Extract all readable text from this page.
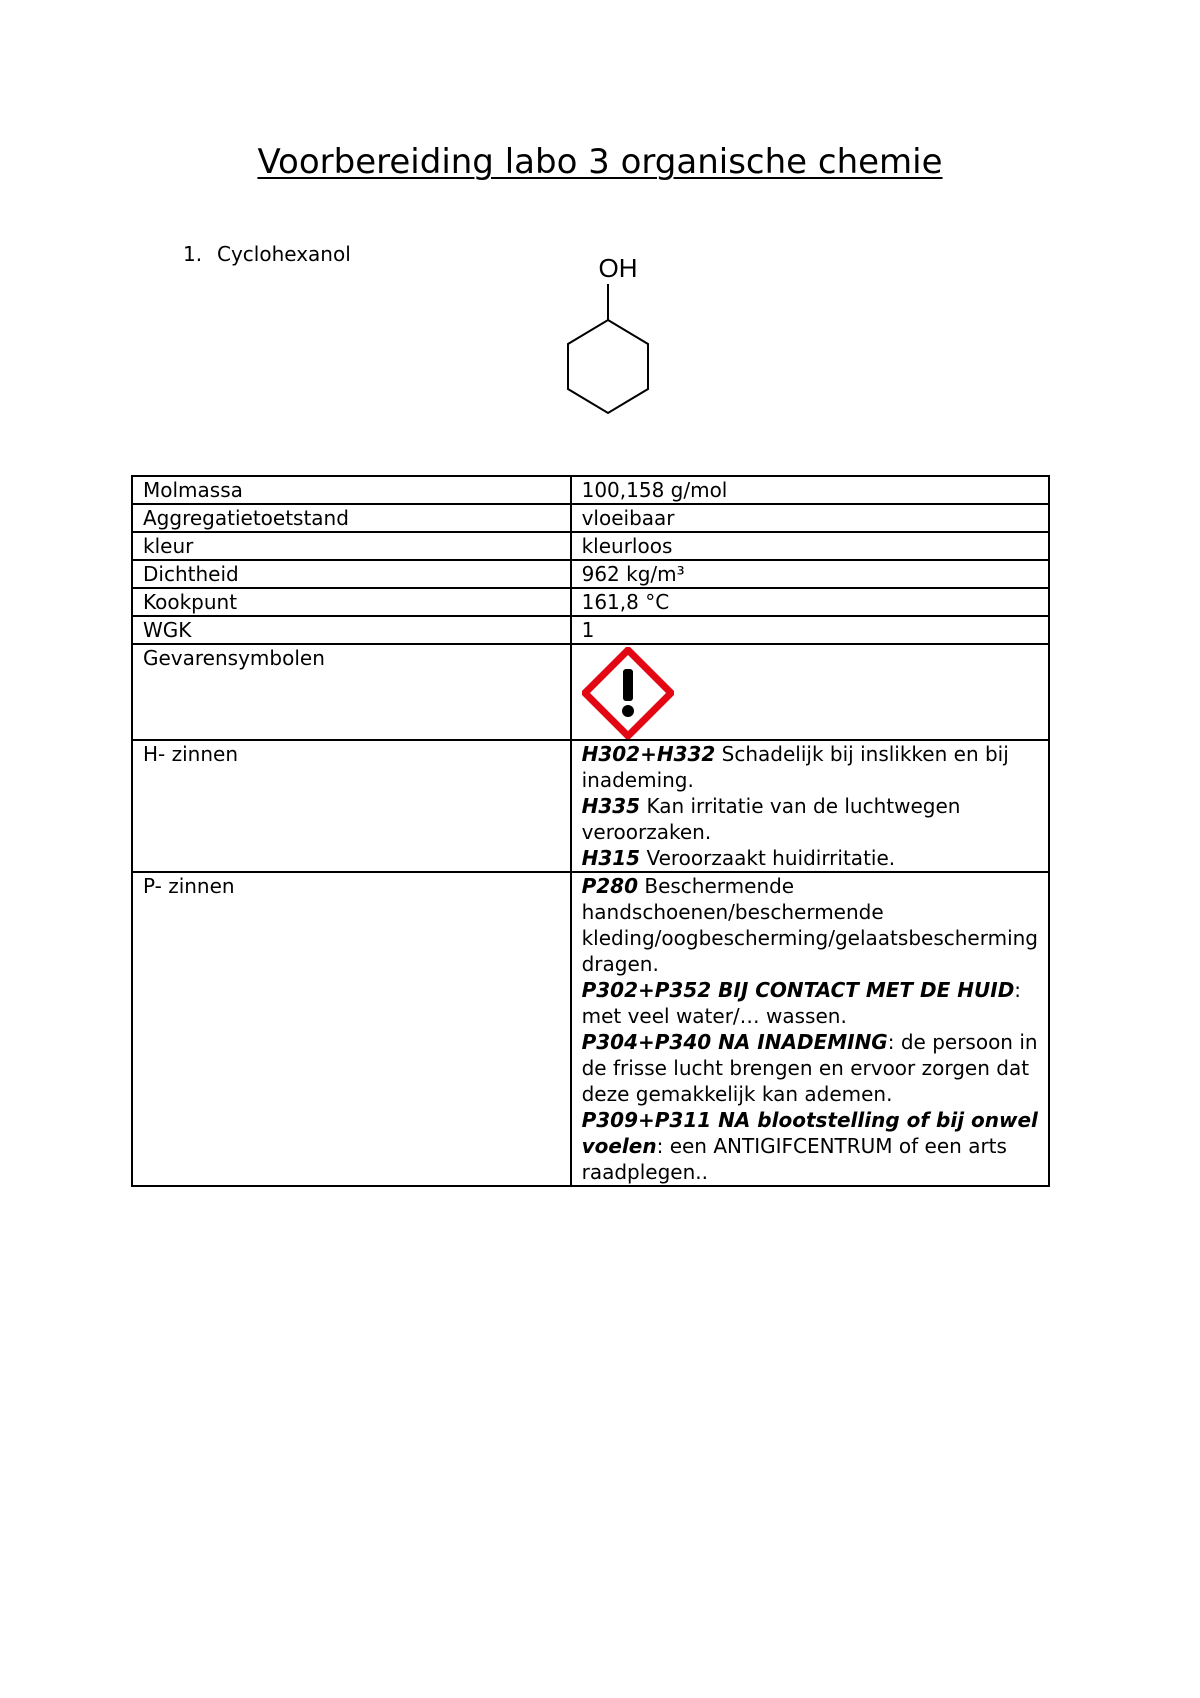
Voorbereiding labo 3 organische chemie
1. Cyclohexanol	OH
Molmassa	100,158 g/mol
Aggregatietoetstand	vloeibaar
kleur	kleurloos
Dichtheid	962 kg/m³
Kookpunt	161,8 °C
WGK	1
Gevarensymbolen	

H- zinnen	H302+H332 Schadelijk bij inslikken en bij inademing.
H335 Kan irritatie van de luchtwegen veroorzaken.
H315 Veroorzaakt huidirritatie.

P- zinnen	P280 Beschermende handschoenen/beschermende kleding/oogbescherming/gelaatsbescherming dragen.
P302+P352 BIJ CONTACT MET DE HUID: met veel water/… wassen.
P304+P340 NA INADEMING: de persoon in de frisse lucht brengen en ervoor zorgen dat deze gemakkelijk kan ademen.
P309+P311 NA blootstelling of bij onwel voelen: een ANTIGIFCENTRUM of een arts raadplegen..
